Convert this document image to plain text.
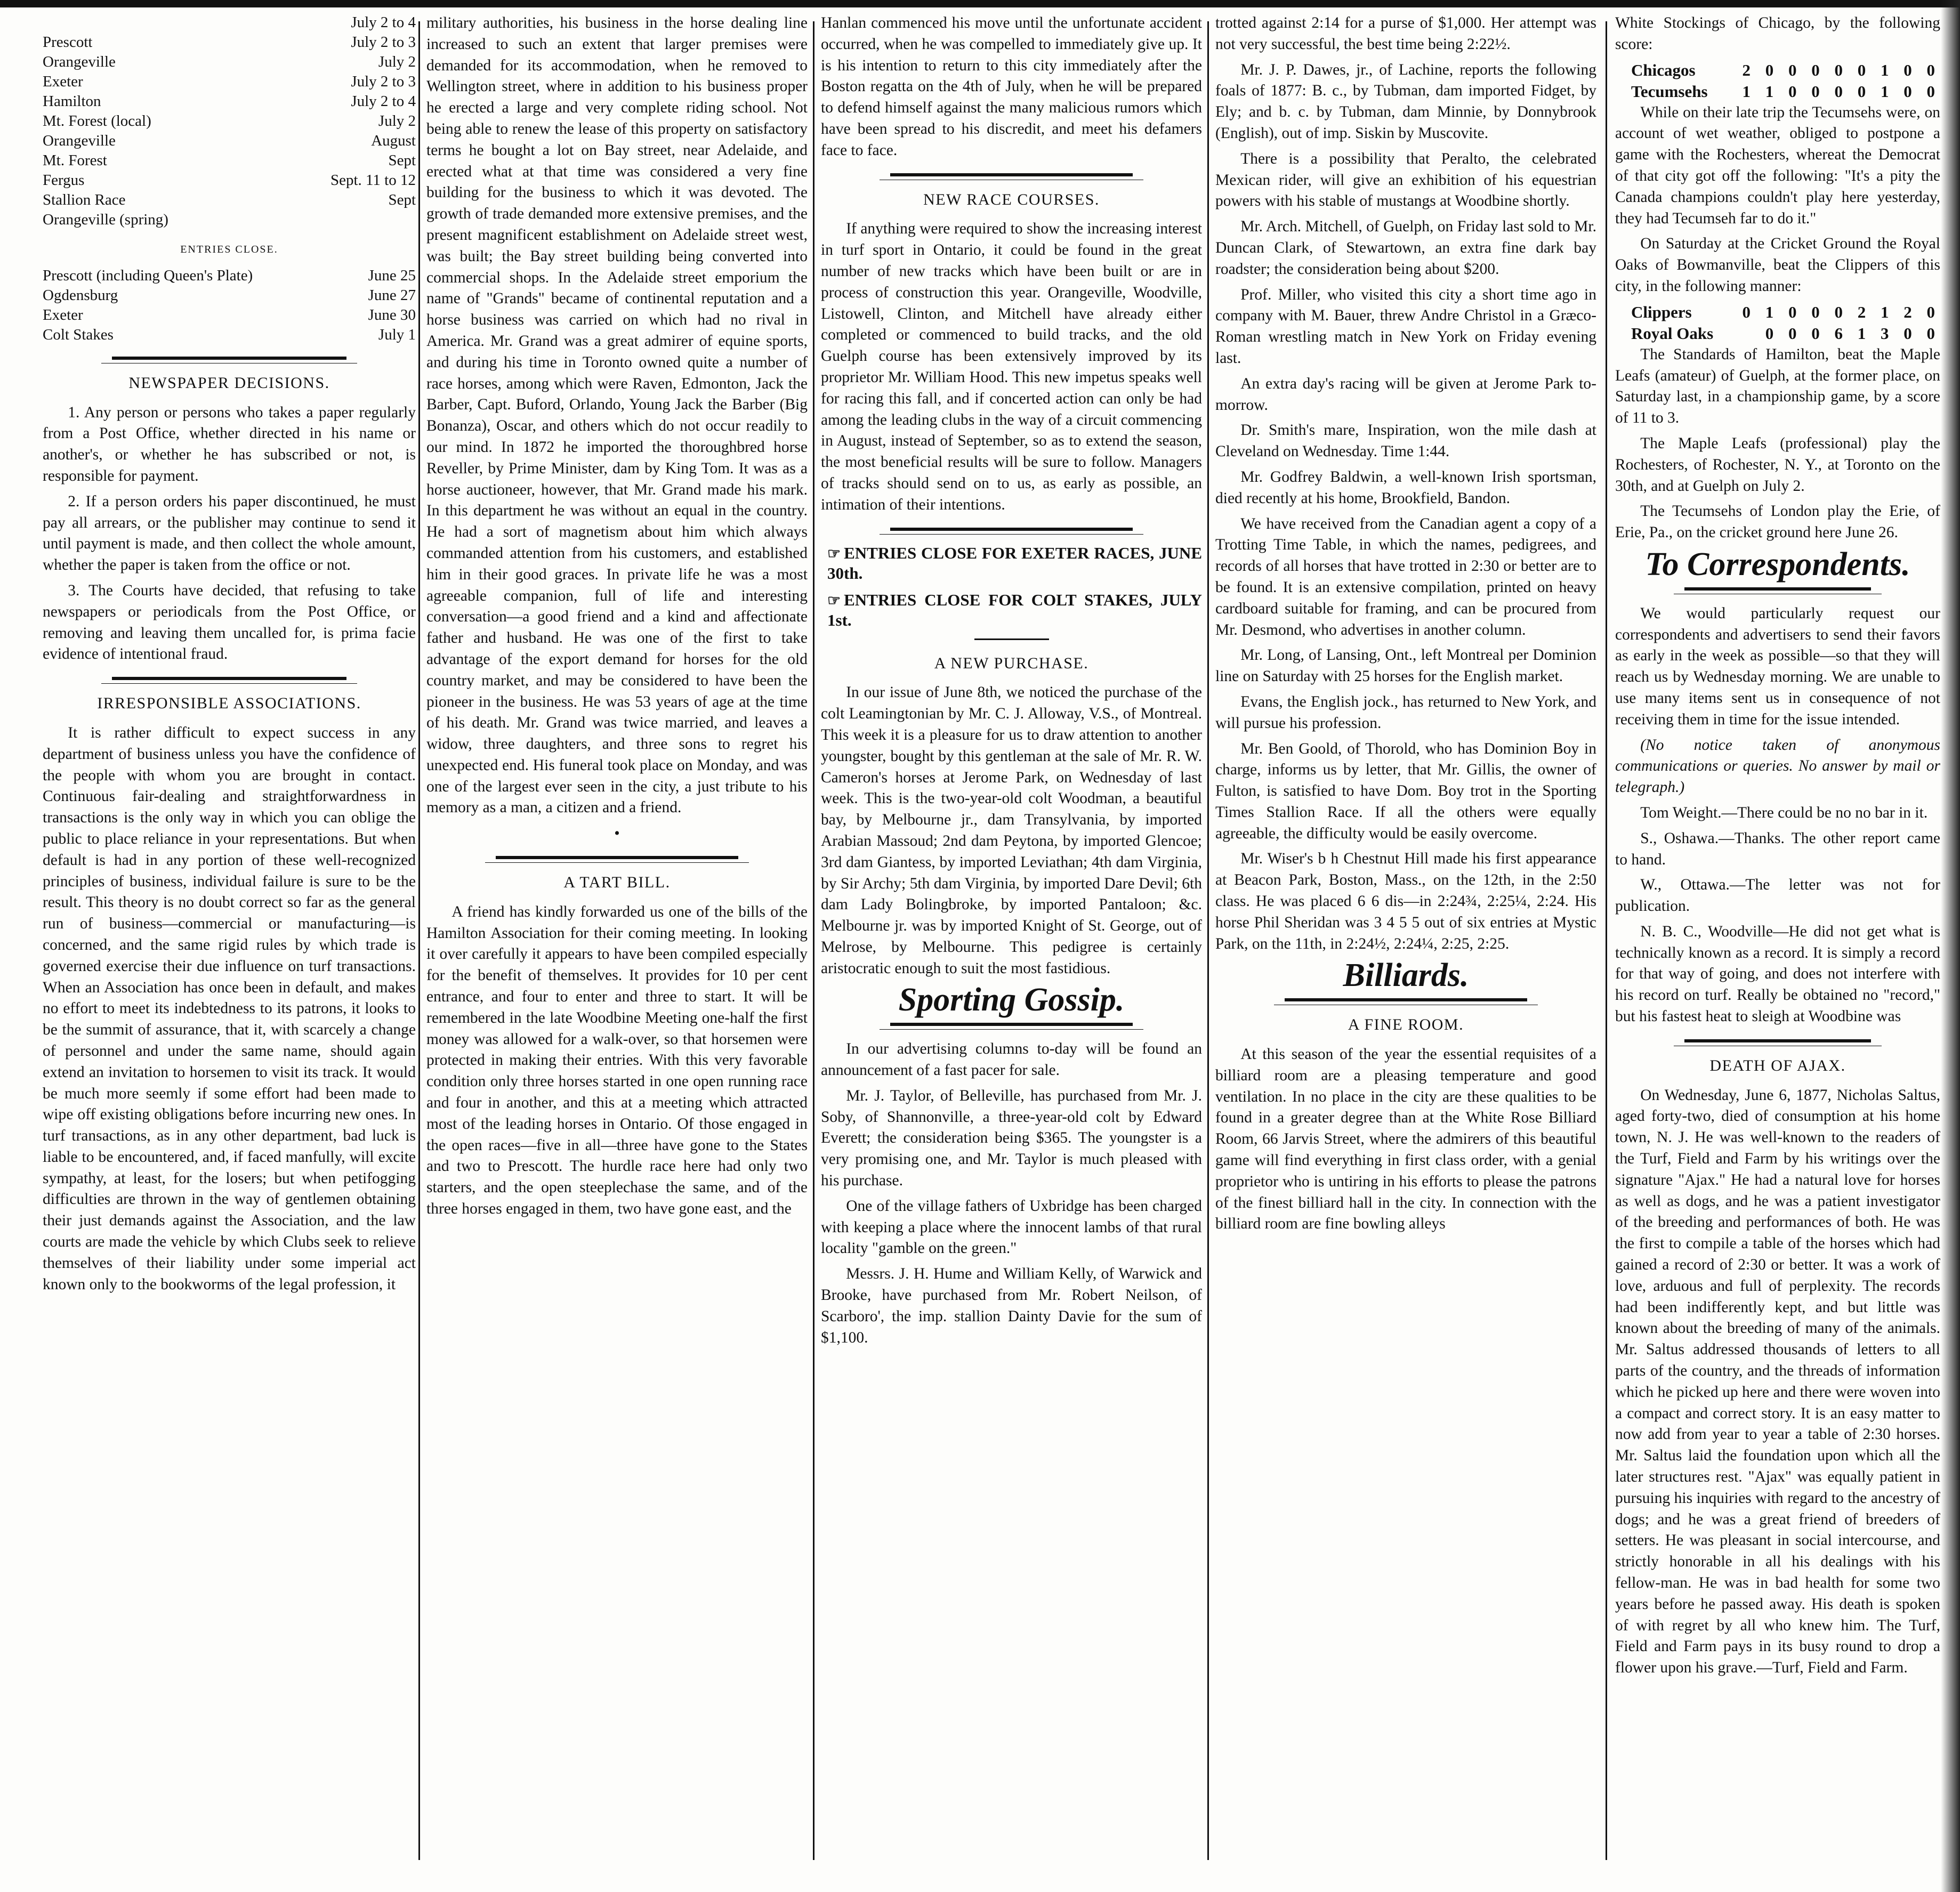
July 2 to 4
Prescott	July 2 to 3
Orangeville	July 2
Exeter	July 2 to 3
Hamilton	July 2 to 4
Mt. Forest (local)	July 2
Orangeville	August
Mt. Forest	Sept
Fergus	Sept. 11 to 12
Stallion Race	Sept
Orangeville (spring)
ENTRIES CLOSE.
Prescott (including Queen's Plate)	June 25
Ogdensburg	June 27
Exeter	June 30
Colt Stakes	July 1
NEWSPAPER DECISIONS.

1. Any person or persons who takes a paper regularly from a Post Office, whether directed in his name or another's, or whether he has subscribed or not, is responsible for payment.

2. If a person orders his paper discontinued, he must pay all arrears, or the publisher may continue to send it until payment is made, and then collect the whole amount, whether the paper is taken from the office or not.

3. The Courts have decided, that refusing to take newspapers or periodicals from the Post Office, or removing and leaving them uncalled for, is prima facie evidence of intentional fraud.

IRRESPONSIBLE ASSOCIATIONS.

It is rather difficult to expect success in any department of business unless you have the confidence of the people with whom you are brought in contact. Continuous fair-dealing and straightforwardness in transactions is the only way in which you can oblige the public to place reliance in your representations. But when default is had in any portion of these well-recognized principles of business, individual failure is sure to be the result. This theory is no doubt correct so far as the general run of business—commercial or manufacturing—is concerned, and the same rigid rules by which trade is governed exercise their due influence on turf transactions. When an Association has once been in default, and makes no effort to meet its indebtedness to its patrons, it looks to be the summit of assurance, that it, with scarcely a change of personnel and under the same name, should again extend an invitation to horsemen to visit its track. It would be much more seemly if some effort had been made to wipe off existing obligations before incurring new ones. In turf transactions, as in any other department, bad luck is liable to be encountered, and, if faced manfully, will excite sympathy, at least, for the losers; but when petifogging difficulties are thrown in the way of gentlemen obtaining their just demands against the Association, and the law courts are made the vehicle by which Clubs seek to relieve themselves of their liability under some imperial act known only to the bookworms of the legal profession, it

military authorities, his business in the horse dealing line increased to such an extent that larger premises were demanded for its accommodation, when he removed to Wellington street, where in addition to his business proper he erected a large and very complete riding school. Not being able to renew the lease of this property on satisfactory terms he bought a lot on Bay street, near Adelaide, and erected what at that time was considered a very fine building for the business to which it was devoted. The growth of trade demanded more extensive premises, and the present magnificent establishment on Adelaide street west, was built; the Bay street building being converted into commercial shops. In the Adelaide street emporium the name of "Grands" became of continental reputation and a horse business was carried on which had no rival in America. Mr. Grand was a great admirer of equine sports, and during his time in Toronto owned quite a number of race horses, among which were Raven, Edmonton, Jack the Barber, Capt. Buford, Orlando, Young Jack the Barber (Big Bonanza), Oscar, and others which do not occur readily to our mind. In 1872 he imported the thoroughbred horse Reveller, by Prime Minister, dam by King Tom. It was as a horse auctioneer, however, that Mr. Grand made his mark. In this department he was without an equal in the country. He had a sort of magnetism about him which always commanded attention from his customers, and established him in their good graces. In private life he was a most agreeable companion, full of life and interesting conversation—a good friend and a kind and affectionate father and husband. He was one of the first to take advantage of the export demand for horses for the old country market, and may be considered to have been the pioneer in the business. He was 53 years of age at the time of his death. Mr. Grand was twice married, and leaves a widow, three daughters, and three sons to regret his unexpected end. His funeral took place on Monday, and was one of the largest ever seen in the city, a just tribute to his memory as a man, a citizen and a friend.

•
A TART BILL.

A friend has kindly forwarded us one of the bills of the Hamilton Association for their coming meeting. In looking it over carefully it appears to have been compiled especially for the benefit of themselves. It provides for 10 per cent entrance, and four to enter and three to start. It will be remembered in the late Woodbine Meeting one-half the first money was allowed for a walk-over, so that horsemen were protected in making their entries. With this very favorable condition only three horses started in one open running race and four in another, and this at a meeting which attracted most of the leading horses in Ontario. Of those engaged in the open races—five in all—three have gone to the States and two to Prescott. The hurdle race here had only two starters, and the open steeplechase the same, and of the three horses engaged in them, two have gone east, and the

Hanlan commenced his move until the unfortunate accident occurred, when he was compelled to immediately give up. It is his intention to return to this city immediately after the Boston regatta on the 4th of July, when he will be prepared to defend himself against the many malicious rumors which have been spread to his discredit, and meet his defamers face to face.

NEW RACE COURSES.

If anything were required to show the increasing interest in turf sport in Ontario, it could be found in the great number of new tracks which have been built or are in process of construction this year. Orangeville, Woodville, Listowell, Clinton, and Mitchell have already either completed or commenced to build tracks, and the old Guelph course has been extensively improved by its proprietor Mr. William Hood. This new impetus speaks well for racing this fall, and if concerted action can only be had among the leading clubs in the way of a circuit commencing in August, instead of September, so as to extend the season, the most beneficial results will be sure to follow. Managers of tracks should send on to us, as early as possible, an intimation of their intentions.

☞ ENTRIES CLOSE FOR EXETER RACES, JUNE 30th.
☞ ENTRIES CLOSE FOR COLT STAKES, JULY 1st.
A NEW PURCHASE.

In our issue of June 8th, we noticed the purchase of the colt Leamingtonian by Mr. C. J. Alloway, V.S., of Montreal. This week it is a pleasure for us to draw attention to another youngster, bought by this gentleman at the sale of Mr. R. W. Cameron's horses at Jerome Park, on Wednesday of last week. This is the two-year-old colt Woodman, a beautiful bay, by Melbourne jr., dam Transylvania, by imported Arabian Massoud; 2nd dam Peytona, by imported Glencoe; 3rd dam Giantess, by imported Leviathan; 4th dam Virginia, by Sir Archy; 5th dam Virginia, by imported Dare Devil; 6th dam Lady Bolingbroke, by imported Pantaloon; &c. Melbourne jr. was by imported Knight of St. George, out of Melrose, by Melbourne. This pedigree is certainly aristocratic enough to suit the most fastidious.

Sporting Gossip.

In our advertising columns to-day will be found an announcement of a fast pacer for sale.

Mr. J. Taylor, of Belleville, has purchased from Mr. J. Soby, of Shannonville, a three-year-old colt by Edward Everett; the consideration being $365. The youngster is a very promising one, and Mr. Taylor is much pleased with his purchase.

One of the village fathers of Uxbridge has been charged with keeping a place where the innocent lambs of that rural locality "gamble on the green."

Messrs. J. H. Hume and William Kelly, of Warwick and Brooke, have purchased from Mr. Robert Neilson, of Scarboro', the imp. stallion Dainty Davie for the sum of $1,100.

trotted against 2:14 for a purse of $1,000. Her attempt was not very successful, the best time being 2:22½.

Mr. J. P. Dawes, jr., of Lachine, reports the following foals of 1877: B. c., by Tubman, dam imported Fidget, by Ely; and b. c. by Tubman, dam Minnie, by Donnybrook (English), out of imp. Siskin by Muscovite.

There is a possibility that Peralto, the celebrated Mexican rider, will give an exhibition of his equestrian powers with his stable of mustangs at Woodbine shortly.

Mr. Arch. Mitchell, of Guelph, on Friday last sold to Mr. Duncan Clark, of Stewartown, an extra fine dark bay roadster; the consideration being about $200.

Prof. Miller, who visited this city a short time ago in company with M. Bauer, threw Andre Christol in a Græco-Roman wrestling match in New York on Friday evening last.

An extra day's racing will be given at Jerome Park to-morrow.

Dr. Smith's mare, Inspiration, won the mile dash at Cleveland on Wednesday. Time 1:44.

Mr. Godfrey Baldwin, a well-known Irish sportsman, died recently at his home, Brookfield, Bandon.

We have received from the Canadian agent a copy of a Trotting Time Table, in which the names, pedigrees, and records of all horses that have trotted in 2:30 or better are to be found. It is an extensive compilation, printed on heavy cardboard suitable for framing, and can be procured from Mr. Desmond, who advertises in another column.

Mr. Long, of Lansing, Ont., left Montreal per Dominion line on Saturday with 25 horses for the English market.

Evans, the English jock., has returned to New York, and will pursue his profession.

Mr. Ben Goold, of Thorold, who has Dominion Boy in charge, informs us by letter, that Mr. Gillis, the owner of Fulton, is satisfied to have Dom. Boy trot in the Sporting Times Stallion Race. If all the others were equally agreeable, the difficulty would be easily overcome.

Mr. Wiser's b h Chestnut Hill made his first appearance at Beacon Park, Boston, Mass., on the 12th, in the 2:50 class. He was placed 6 6 dis—in 2:24¾, 2:25¼, 2:24. His horse Phil Sheridan was 3 4 5 5 out of six entries at Mystic Park, on the 11th, in 2:24½, 2:24¼, 2:25, 2:25.

Billiards.
A FINE ROOM.

At this season of the year the essential requisites of a billiard room are a pleasing temperature and good ventilation. In no place in the city are these qualities to be found in a greater degree than at the White Rose Billiard Room, 66 Jarvis Street, where the admirers of this beautiful game will find everything in first class order, with a genial proprietor who is untiring in his efforts to please the patrons of the finest billiard hall in the city. In connection with the billiard room are fine bowling alleys

White Stockings of Chicago, by the following score:

Chicagos	2 0 0 0 0 0 1 0 0
Tecumsehs	1 1 0 0 0 0 1 0 0

While on their late trip the Tecumsehs were, on account of wet weather, obliged to postpone a game with the Rochesters, whereat the Democrat of that city got off the following: "It's a pity the Canada champions couldn't play here yesterday, they had Tecumseh far to do it."

On Saturday at the Cricket Ground the Royal Oaks of Bowmanville, beat the Clippers of this city, in the following manner:

Clippers	0 1 0 0 0 2 1 2 0
Royal Oaks	0 0 0 6 1 3 0 0

The Standards of Hamilton, beat the Maple Leafs (amateur) of Guelph, at the former place, on Saturday last, in a championship game, by a score of 11 to 3.

The Maple Leafs (professional) play the Rochesters, of Rochester, N. Y., at Toronto on the 30th, and at Guelph on July 2.

The Tecumsehs of London play the Erie, of Erie, Pa., on the cricket ground here June 26.

To Correspondents.

We would particularly request our correspondents and advertisers to send their favors as early in the week as possible—so that they will reach us by Wednesday morning. We are unable to use many items sent us in consequence of not receiving them in time for the issue intended.

(No notice taken of anonymous communications or queries. No answer by mail or telegraph.)

Tom Weight.—There could be no no bar in it.

S., Oshawa.—Thanks. The other report came to hand.

W., Ottawa.—The letter was not for publication.

N. B. C., Woodville—He did not get what is technically known as a record. It is simply a record for that way of going, and does not interfere with his record on turf. Really be obtained no "record," but his fastest heat to sleigh at Woodbine was

DEATH OF AJAX.

On Wednesday, June 6, 1877, Nicholas Saltus, aged forty-two, died of consumption at his home town, N. J. He was well-known to the readers of the Turf, Field and Farm by his writings over the signature "Ajax." He had a natural love for horses as well as dogs, and he was a patient investigator of the breeding and performances of both. He was the first to compile a table of the horses which had gained a record of 2:30 or better. It was a work of love, arduous and full of perplexity. The records had been indifferently kept, and but little was known about the breeding of many of the animals. Mr. Saltus addressed thousands of letters to all parts of the country, and the threads of information which he picked up here and there were woven into a compact and correct story. It is an easy matter to now add from year to year a table of 2:30 horses. Mr. Saltus laid the foundation upon which all the later structures rest. "Ajax" was equally patient in pursuing his inquiries with regard to the ancestry of dogs; and he was a great friend of breeders of setters. He was pleasant in social intercourse, and strictly honorable in all his dealings with his fellow-man. He was in bad health for some two years before he passed away. His death is spoken of with regret by all who knew him. The Turf, Field and Farm pays in its busy round to drop a flower upon his grave.—Turf, Field and Farm.
